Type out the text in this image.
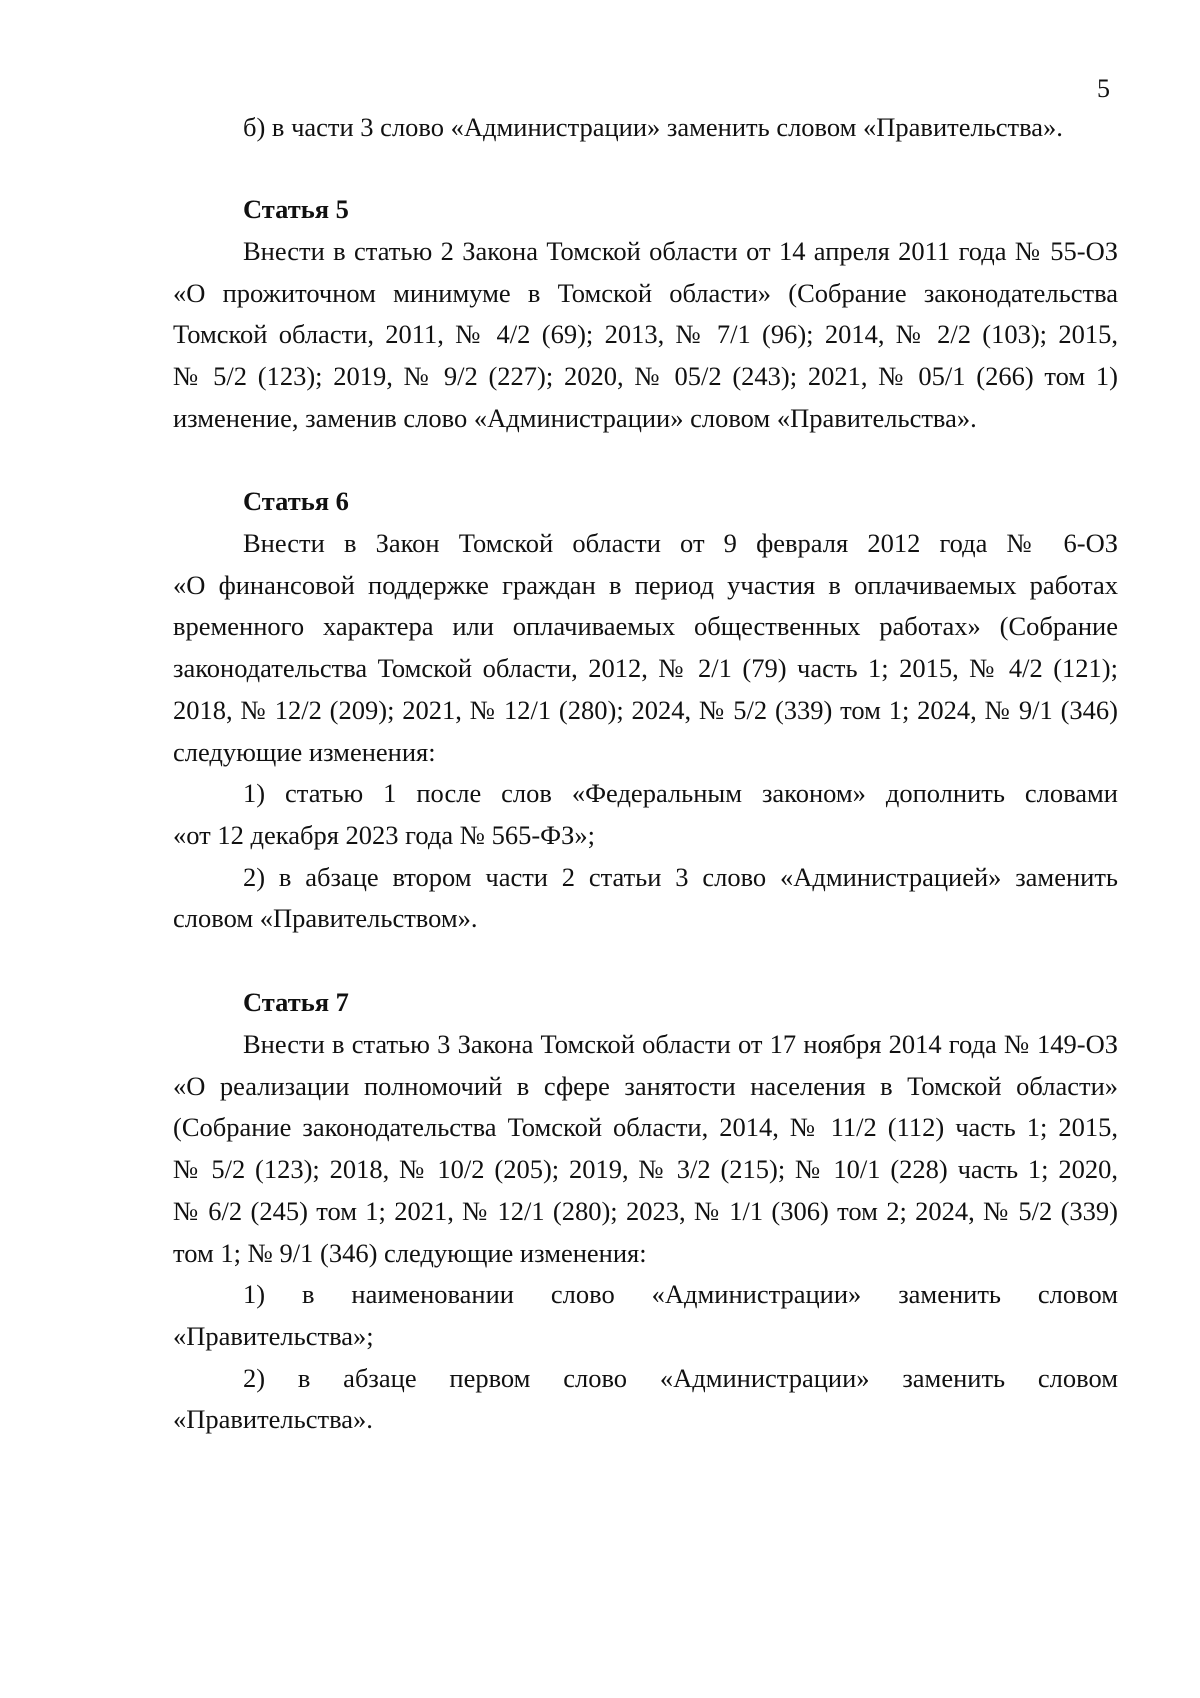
5
б) в части 3 слово «Администрации» заменить словом «Правительства».
Статья 5
Внести в статью 2 Закона Томской области от 14 апреля 2011 года № 55-ОЗ
«О прожиточном минимуме в Томской области» (Собрание законодательства
Томской области, 2011, № 4/2 (69); 2013, № 7/1 (96); 2014, № 2/2 (103); 2015,
№ 5/2 (123); 2019, № 9/2 (227); 2020, № 05/2 (243); 2021, № 05/1 (266) том 1)
изменение, заменив слово «Администрации» словом «Правительства».
Статья 6
Внести в Закон Томской области от 9 февраля 2012 года № 6-ОЗ
«О финансовой поддержке граждан в период участия в оплачиваемых работах
временного характера или оплачиваемых общественных работах» (Собрание
законодательства Томской области, 2012, № 2/1 (79) часть 1; 2015, № 4/2 (121);
2018, № 12/2 (209); 2021, № 12/1 (280); 2024, № 5/2 (339) том 1; 2024, № 9/1 (346)
следующие изменения:
1) статью 1 после слов «Федеральным законом» дополнить словами
«от 12 декабря 2023 года № 565-ФЗ»;
2) в абзаце втором части 2 статьи 3 слово «Администрацией» заменить
словом «Правительством».
Статья 7
Внести в статью 3 Закона Томской области от 17 ноября 2014 года № 149-ОЗ
«О реализации полномочий в сфере занятости населения в Томской области»
(Собрание законодательства Томской области, 2014, № 11/2 (112) часть 1; 2015,
№ 5/2 (123); 2018, № 10/2 (205); 2019, № 3/2 (215); № 10/1 (228) часть 1; 2020,
№ 6/2 (245) том 1; 2021, № 12/1 (280); 2023, № 1/1 (306) том 2; 2024, № 5/2 (339)
том 1; № 9/1 (346) следующие изменения:
1) в наименовании слово «Администрации» заменить словом
«Правительства»;
2) в абзаце первом слово «Администрации» заменить словом
«Правительства».
